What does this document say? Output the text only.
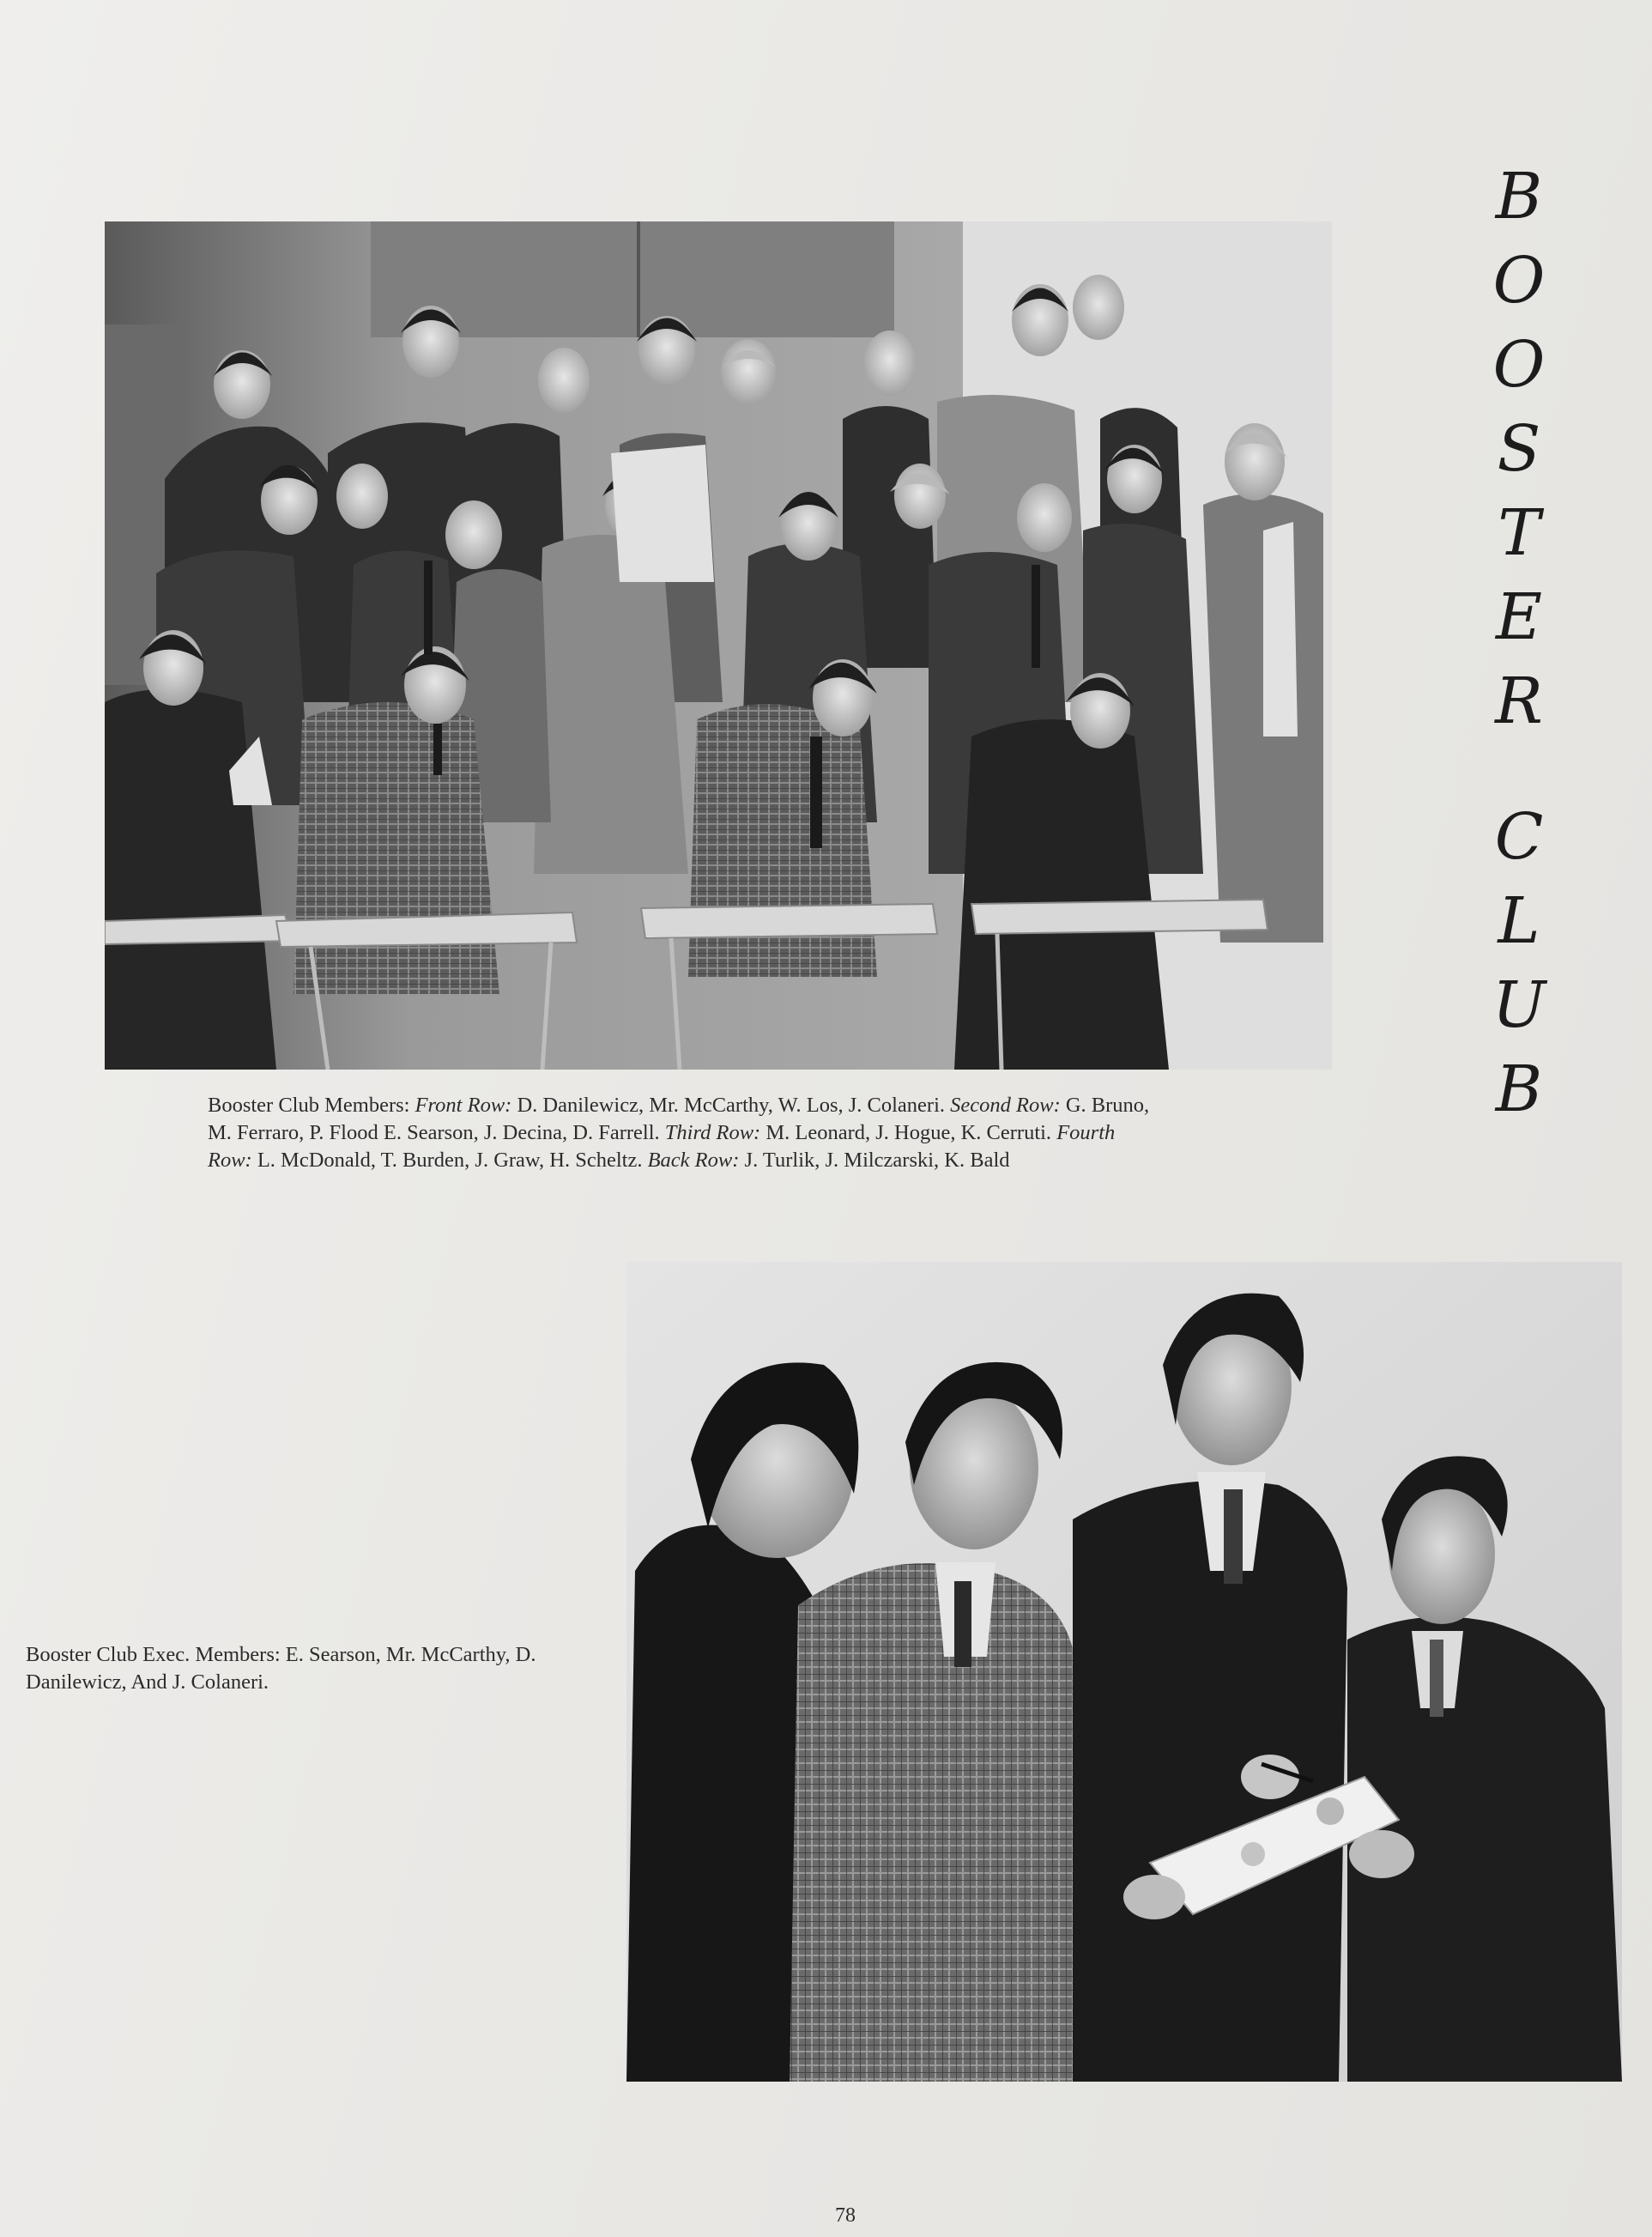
B
O
O
S
T
E
R
C
L
U
B
Booster Club Members: Front Row: D. Danilewicz, Mr. McCarthy, W. Los, J. Colaneri. Second Row: G. Bruno, M. Ferraro, P. Flood E. Searson, J. Decina, D. Farrell. Third Row: M. Leonard, J. Hogue, K. Cerruti. Fourth Row: L. McDonald, T. Burden, J. Graw, H. Scheltz. Back Row: J. Turlik, J. Milczarski, K. Bald
Booster Club Exec. Members: E. Searson, Mr. McCarthy, D. Danilewicz, And J. Colaneri.
78
